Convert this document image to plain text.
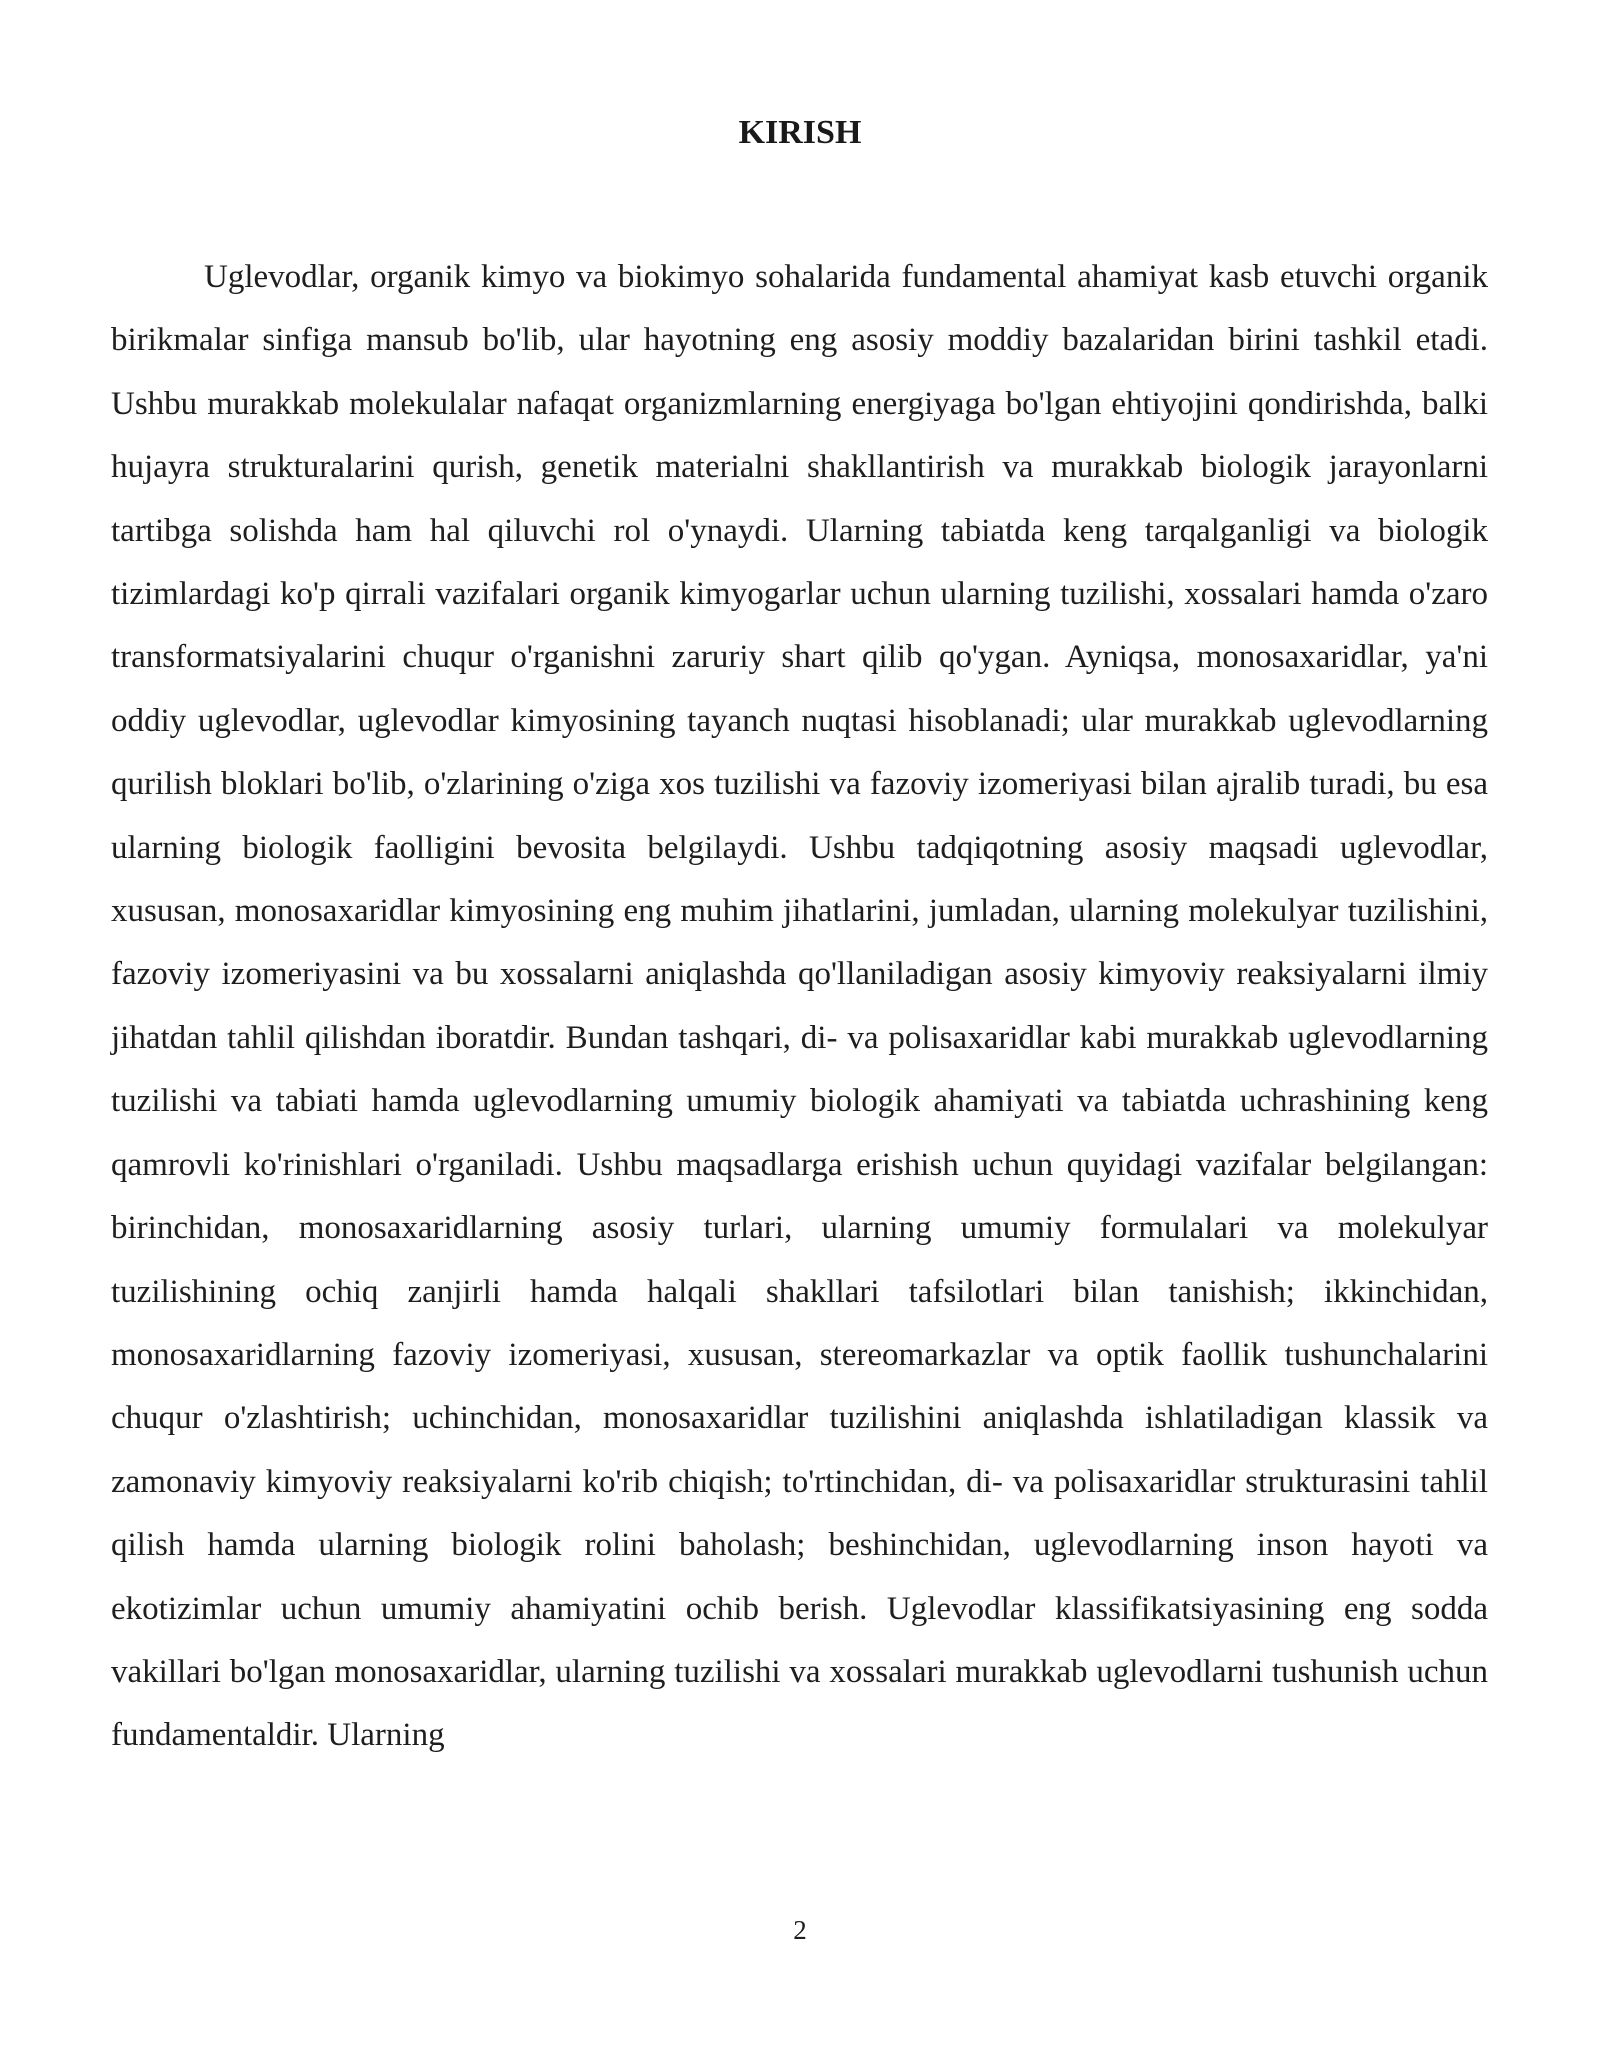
KIRISH

Uglevodlar, organik kimyo va biokimyo sohalarida fundamental ahamiyat kasb etuvchi organik birikmalar sinfiga mansub bo'lib, ular hayotning eng asosiy moddiy bazalaridan birini tashkil etadi. Ushbu murakkab molekulalar nafaqat organizmlarning energiyaga bo'lgan ehtiyojini qondirishda, balki hujayra strukturalarini qurish, genetik materialni shakllantirish va murakkab biologik jarayonlarni tartibga solishda ham hal qiluvchi rol o'ynaydi. Ularning tabiatda keng tarqalganligi va biologik tizimlardagi ko'p qirrali vazifalari organik kimyogarlar uchun ularning tuzilishi, xossalari hamda o'zaro transformatsiyalarini chuqur o'rganishni zaruriy shart qilib qo'ygan. Ayniqsa, monosaxaridlar, ya'ni oddiy uglevodlar, uglevodlar kimyosining tayanch nuqtasi hisoblanadi; ular murakkab uglevodlarning qurilish bloklari bo'lib, o'zlarining o'ziga xos tuzilishi va fazoviy izomeriyasi bilan ajralib turadi, bu esa ularning biologik faolligini bevosita belgilaydi. Ushbu tadqiqotning asosiy maqsadi uglevodlar, xususan, monosaxaridlar kimyosining eng muhim jihatlarini, jumladan, ularning molekulyar tuzilishini, fazoviy izomeriyasini va bu xossalarni aniqlashda qo'llaniladigan asosiy kimyoviy reaksiyalarni ilmiy jihatdan tahlil qilishdan iboratdir. Bundan tashqari, di- va polisaxaridlar kabi murakkab uglevodlarning tuzilishi va tabiati hamda uglevodlarning umumiy biologik ahamiyati va tabiatda uchrashining keng qamrovli ko'rinishlari o'rganiladi. Ushbu maqsadlarga erishish uchun quyidagi vazifalar belgilangan: birinchidan, monosaxaridlarning asosiy turlari, ularning umumiy formulalari va molekulyar tuzilishining ochiq zanjirli hamda halqali shakllari tafsilotlari bilan tanishish; ikkinchidan, monosaxaridlarning fazoviy izomeriyasi, xususan, stereomarkazlar va optik faollik tushunchalarini chuqur o'zlashtirish; uchinchidan, monosaxaridlar tuzilishini aniqlashda ishlatiladigan klassik va zamonaviy kimyoviy reaksiyalarni ko'rib chiqish; to'rtinchidan, di- va polisaxaridlar strukturasini tahlil qilish hamda ularning biologik rolini baholash; beshinchidan, uglevodlarning inson hayoti va ekotizimlar uchun umumiy ahamiyatini ochib berish. Uglevodlar klassifikatsiyasining eng sodda vakillari bo'lgan monosaxaridlar, ularning tuzilishi va xossalari murakkab uglevodlarni tushunish uchun fundamentaldir. Ularning

2
